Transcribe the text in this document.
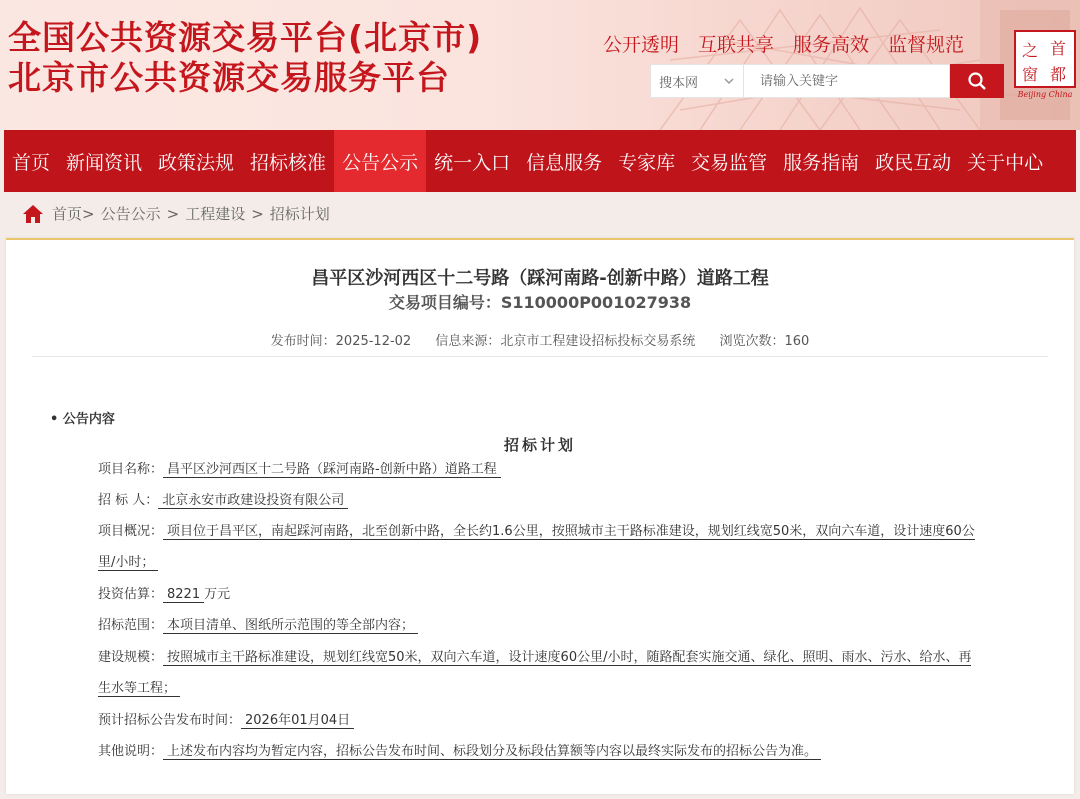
全国公共资源交易平台(北京市)
北京市公共资源交易服务平台
公开透明 互联共享 服务高效 监督规范	之 首
窗 都
Beijing China
搜本网
请输入关键字
首页 新闻资讯 政策法规 招标核准 公告公示 统一入口 信息服务 专家库 交易监管 服务指南 政民互动 关于中心
首页 > 公告公示 > 工程建设 > 招标计划
昌平区沙河西区十二号路（踩河南路-创新中路）道路工程
交易项目编号：S110000P001027938
发布时间：2025-12-02 信息来源：北京市工程建设招标投标交易系统 浏览次数：160
• 公告内容
招标计划
项目名称： 昌平区沙河西区十二号路（踩河南路-创新中路）道路工程
招 标 人： 北京永安市政建设投资有限公司
项目概况： 项目位于昌平区，南起踩河南路，北至创新中路，全长约1.6公里，按照城市主干路标准建设，规划红线宽50米，双向六车道，设计速度60公里/小时；
投资估算： 8221 万元
招标范围： 本项目清单、图纸所示范围的等全部内容；
建设规模： 按照城市主干路标准建设，规划红线宽50米，双向六车道，设计速度60公里/小时，随路配套实施交通、绿化、照明、雨水、污水、给水、再生水等工程；
预计招标公告发布时间： 2026年01月04日
其他说明： 上述发布内容均为暂定内容，招标公告发布时间、标段划分及标段估算额等内容以最终实际发布的招标公告为准。
